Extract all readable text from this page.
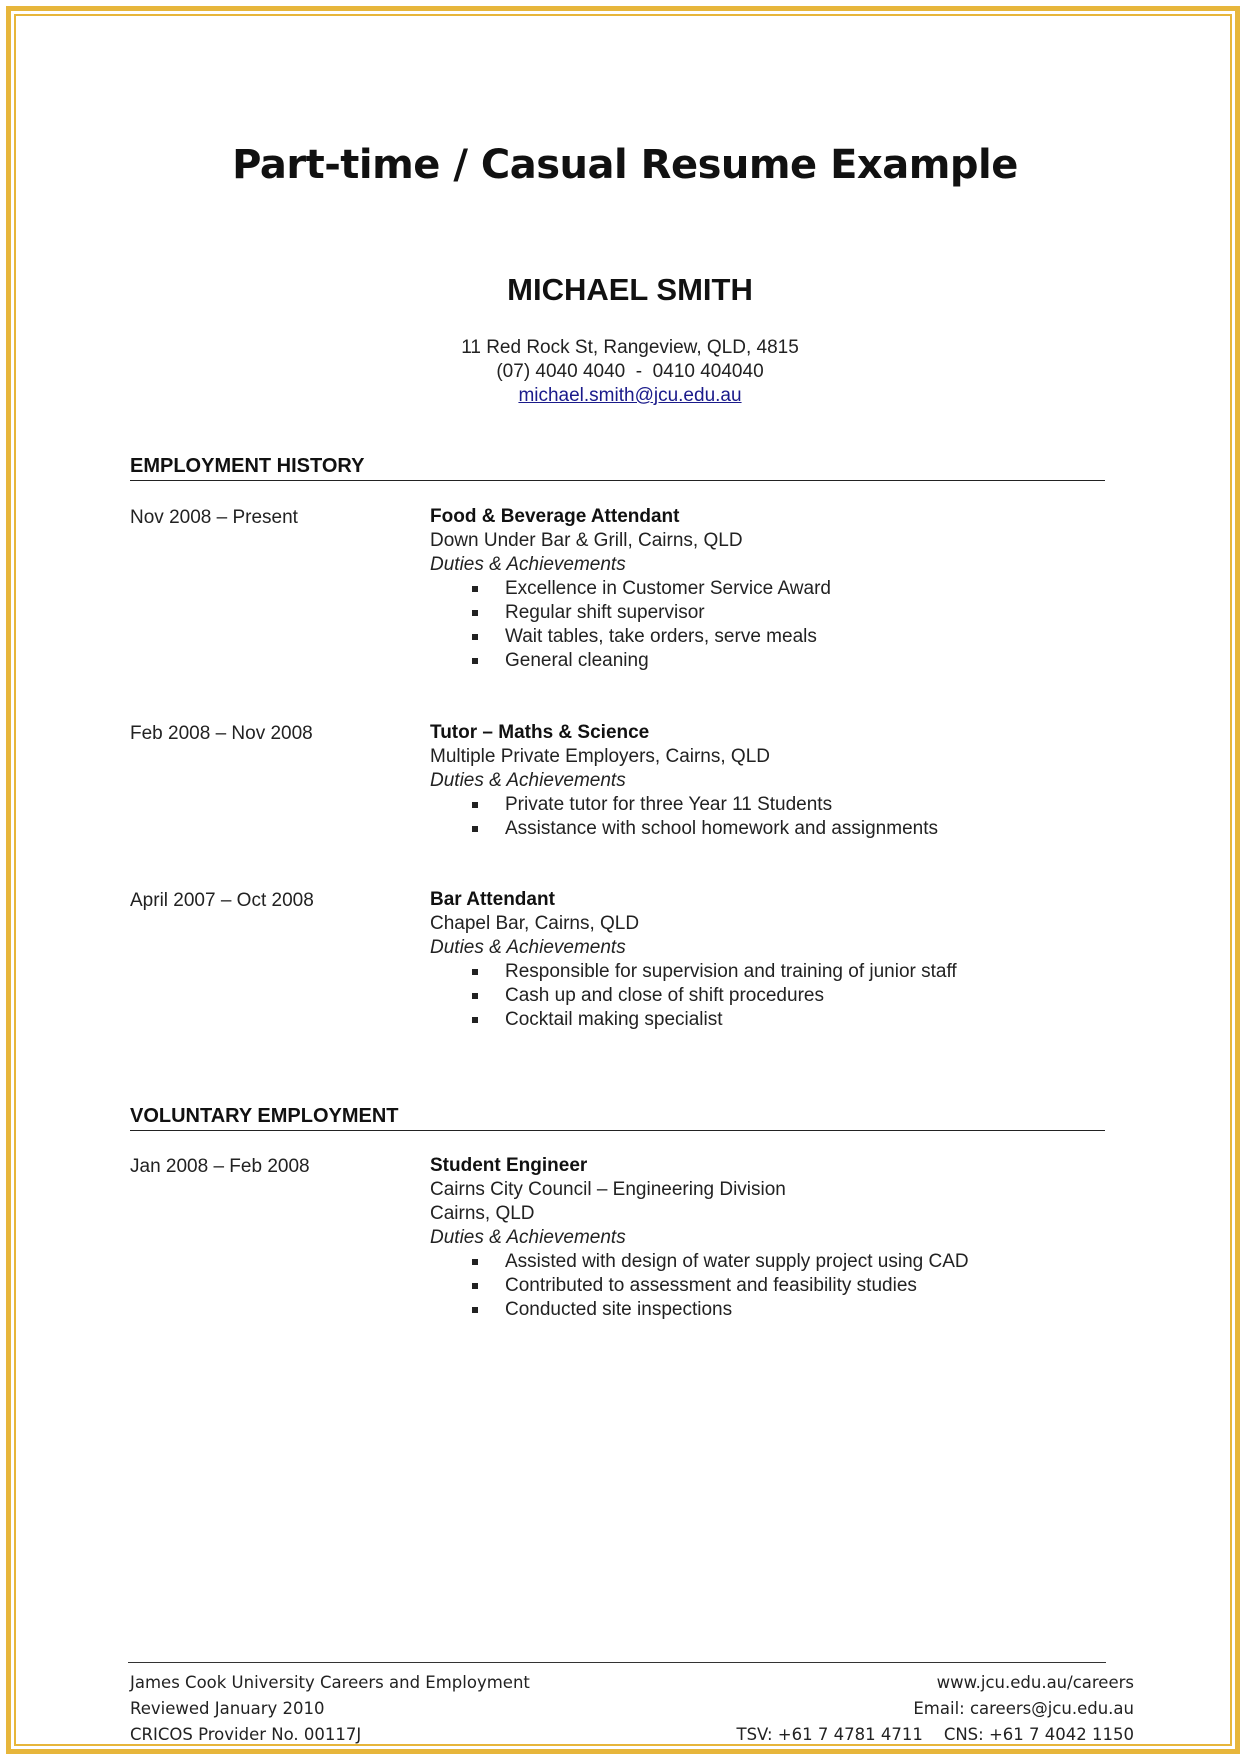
Part-time / Casual Resume Example
MICHAEL SMITH
11 Red Rock St, Rangeview, QLD, 4815
(07) 4040 4040  -  0410 404040
michael.smith@jcu.edu.au
EMPLOYMENT HISTORY
Nov 2008 – Present	Food & Beverage Attendant
Down Under Bar & Grill, Cairns, QLD
Duties & Achievements
Excellence in Customer Service Award
Regular shift supervisor
Wait tables, take orders, serve meals
General cleaning
Feb 2008 – Nov 2008	Tutor – Maths & Science
Multiple Private Employers, Cairns, QLD
Duties & Achievements
Private tutor for three Year 11 Students
Assistance with school homework and assignments
April 2007 – Oct 2008	Bar Attendant
Chapel Bar, Cairns, QLD
Duties & Achievements
Responsible for supervision and training of junior staff
Cash up and close of shift procedures
Cocktail making specialist
VOLUNTARY EMPLOYMENT
Jan 2008 – Feb 2008	Student Engineer
Cairns City Council – Engineering Division
Cairns, QLD
Duties & Achievements
Assisted with design of water supply project using CAD
Contributed to assessment and feasibility studies
Conducted site inspections
James Cook University Careers and Employment
Reviewed January 2010
CRICOS Provider No. 00117J
www.jcu.edu.au/careers
Email: careers@jcu.edu.au
TSV: +61 7 4781 4711    CNS: +61 7 4042 1150
